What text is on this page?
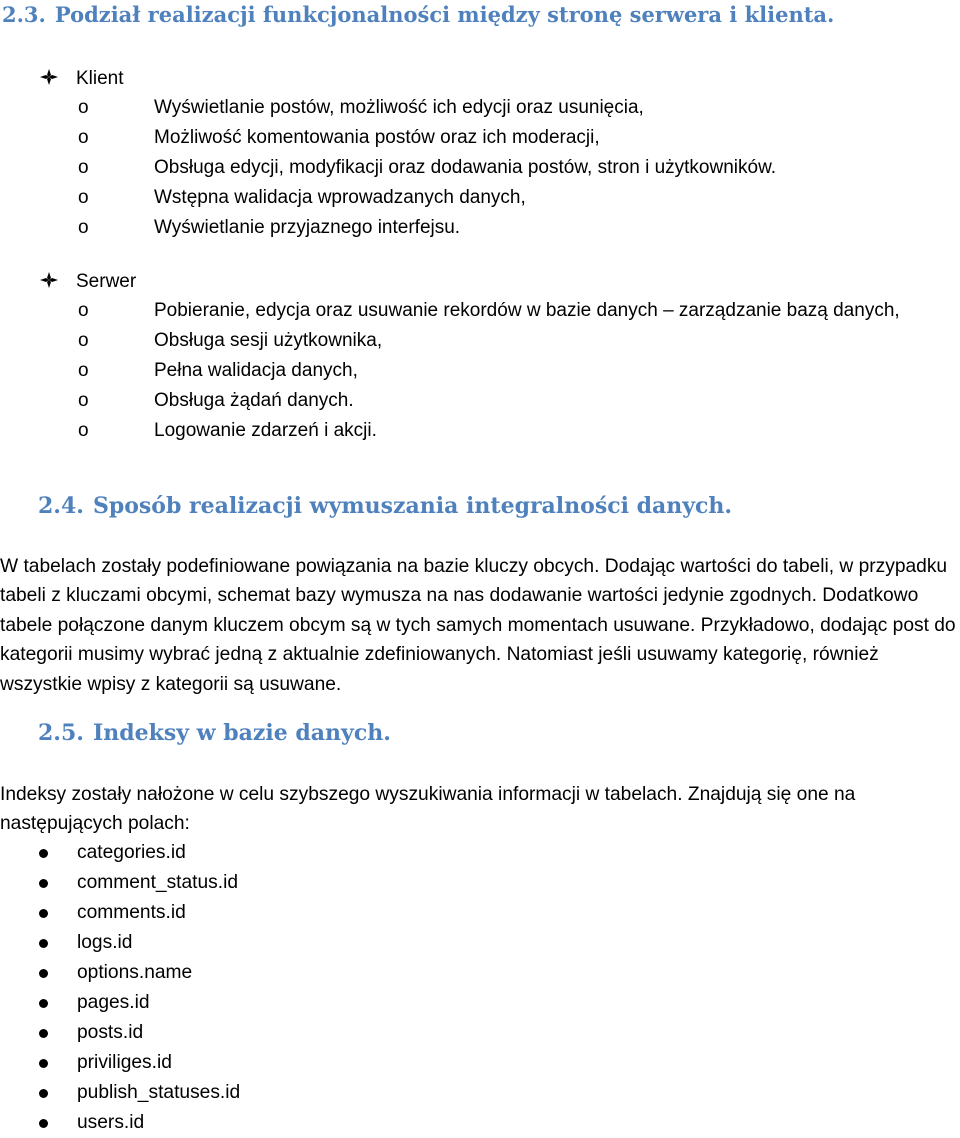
2.3. Podział realizacji funkcjonalności między stronę serwera i klienta.
Klient
o	Wyświetlanie postów, możliwość ich edycji oraz usunięcia,
o	Możliwość komentowania postów oraz ich moderacji,
o	Obsługa edycji, modyfikacji oraz dodawania postów, stron i użytkowników.
o	Wstępna walidacja wprowadzanych danych,
o	Wyświetlanie przyjaznego interfejsu.
Serwer
o	Pobieranie, edycja oraz usuwanie rekordów w bazie danych – zarządzanie bazą danych,
o	Obsługa sesji użytkownika,
o	Pełna walidacja danych,
o	Obsługa żądań danych.
o	Logowanie zdarzeń i akcji.
2.4. Sposób realizacji wymuszania integralności danych.

W tabelach zostały podefiniowane powiązania na bazie kluczy obcych. Dodając wartości do tabeli, w przypadku tabeli z kluczami obcymi, schemat bazy wymusza na nas dodawanie wartości jedynie zgodnych. Dodatkowo tabele połączone danym kluczem obcym są w tych samych momentach usuwane. Przykładowo, dodając post do kategorii musimy wybrać jedną z aktualnie zdefiniowanych. Natomiast jeśli usuwamy kategorię, również wszystkie wpisy z kategorii są usuwane.

2.5. Indeksy w bazie danych.

Indeksy zostały nałożone w celu szybszego wyszukiwania informacji w tabelach. Znajdują się one na następujących polach:

categories.id
comment_status.id
comments.id
logs.id
options.name
pages.id
posts.id
priviliges.id
publish_statuses.id
users.id
